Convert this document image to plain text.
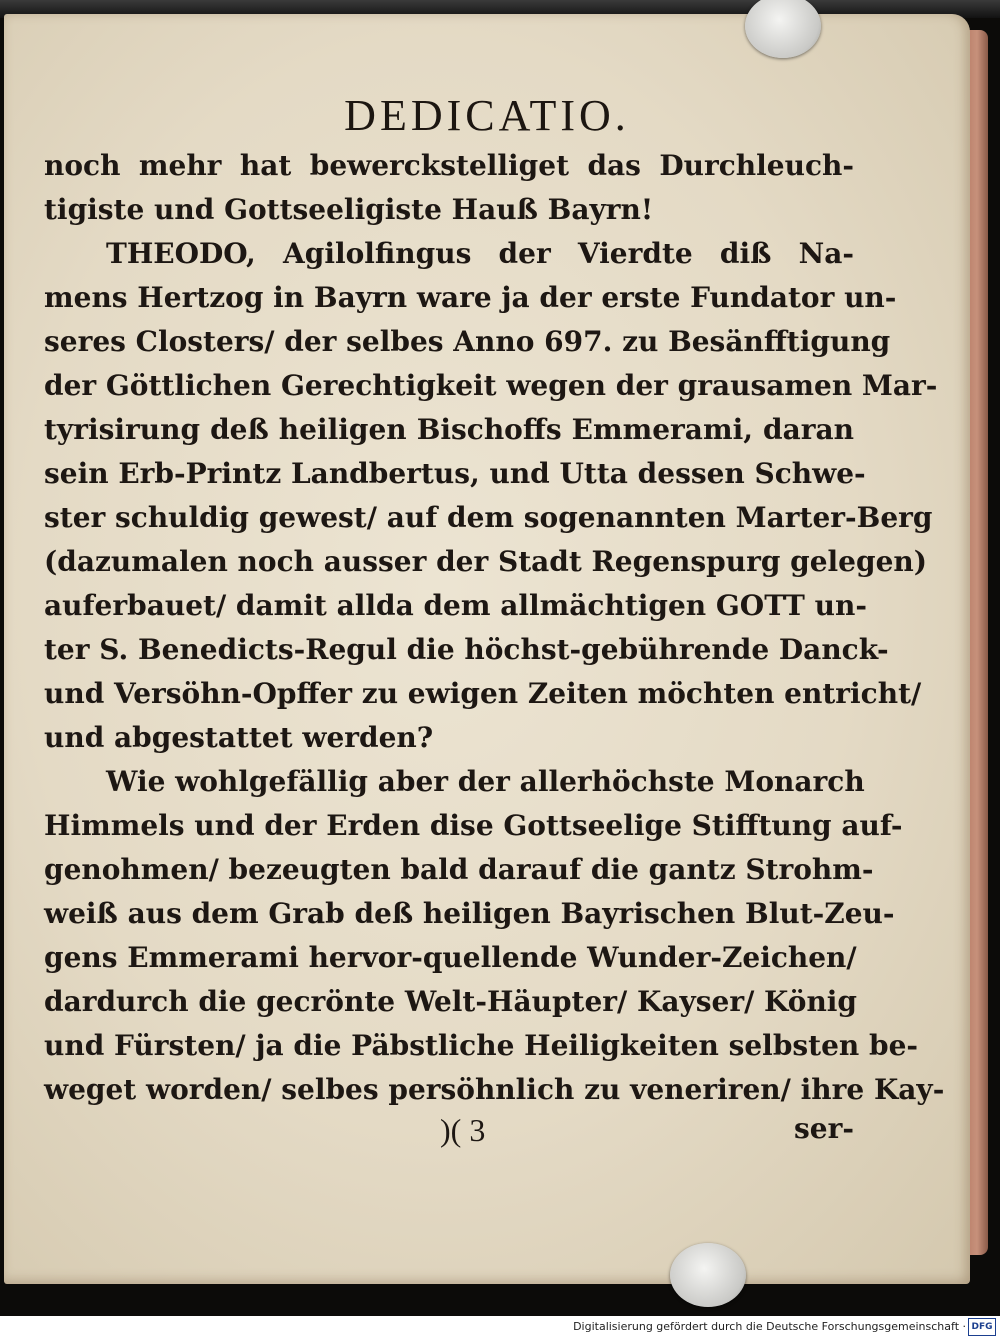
DEDICATIO.
noch mehr hat bewerckstelliget das Durchleuch-
tigiste und Gottseeligiste Hauß Bayrn!
THEODO, Agilolfingus der Vierdte diß Na-
mens Hertzog in Bayrn ware ja der erste Fundator un-
seres Closters/ der selbes Anno 697. zu Besänfftigung
der Göttlichen Gerechtigkeit wegen der grausamen Mar-
tyrisirung deß heiligen Bischoffs Emmerami, daran
sein Erb-Printz Landbertus, und Utta dessen Schwe-
ster schuldig gewest/ auf dem sogenannten Marter-Berg
(dazumalen noch ausser der Stadt Regenspurg gelegen)
auferbauet/ damit allda dem allmächtigen GOTT un-
ter S. Benedicts-Regul die höchst-gebührende Danck-
und Versöhn-Opffer zu ewigen Zeiten möchten entricht/
und abgestattet werden?
Wie wohlgefällig aber der allerhöchste Monarch
Himmels und der Erden dise Gottseelige Stifftung auf-
genohmen/ bezeugten bald darauf die gantz Strohm-
weiß aus dem Grab deß heiligen Bayrischen Blut-Zeu-
gens Emmerami hervor-quellende Wunder-Zeichen/
dardurch die gecrönte Welt-Häupter/ Kayser/ König
und Fürsten/ ja die Päbstliche Heiligkeiten selbsten be-
weget worden/ selbes persöhnlich zu veneriren/ ihre Kay-
)( 3	ser-
Digitalisierung gefördert durch die Deutsche Forschungsgemeinschaft · DFG
